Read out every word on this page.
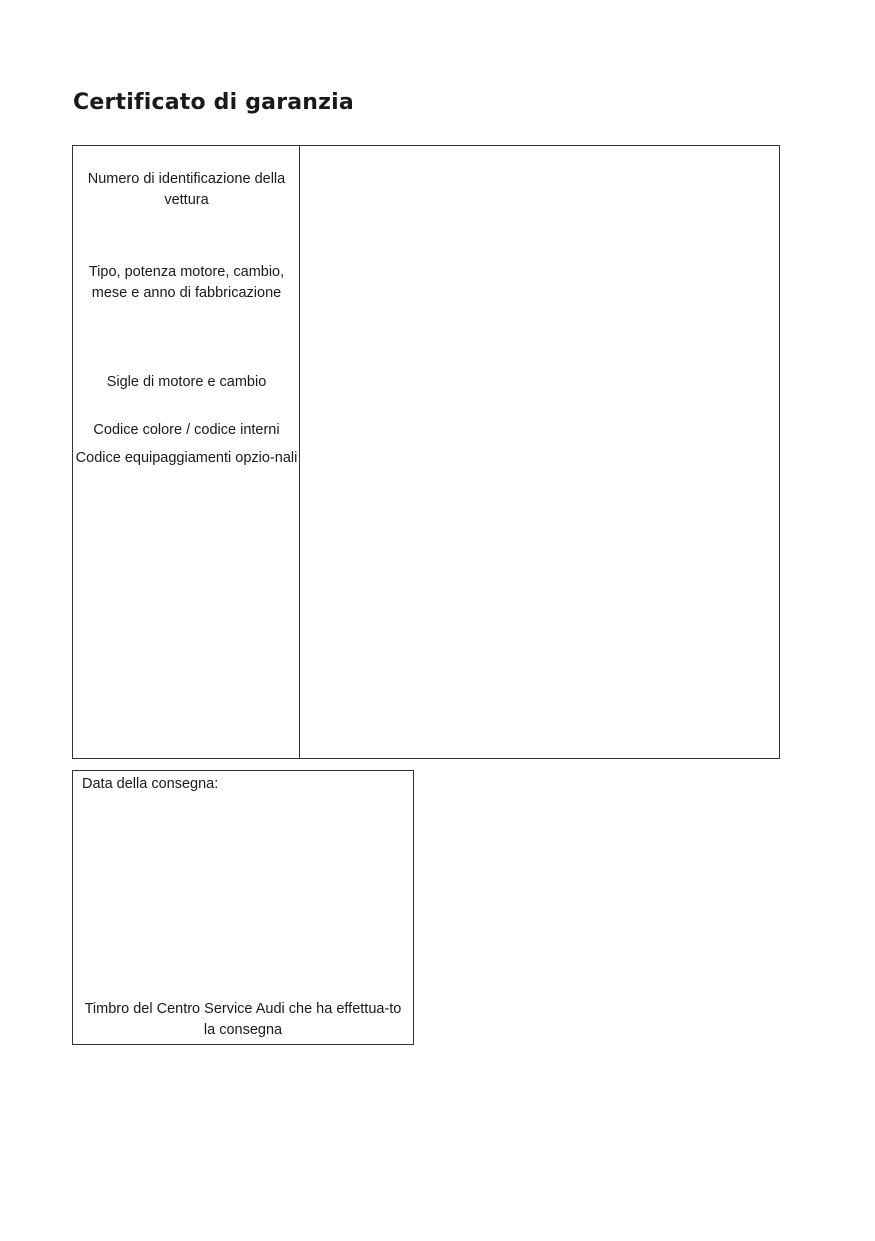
Certificato di garanzia
Numero di identificazione della vettura
Tipo, potenza motore, cambio, mese e anno di fabbricazione
Sigle di motore e cambio
Codice colore / codice interni
Codice equipaggiamenti opzio-nali
Data della consegna:
Timbro del Centro Service Audi che ha effettua-to la consegna
